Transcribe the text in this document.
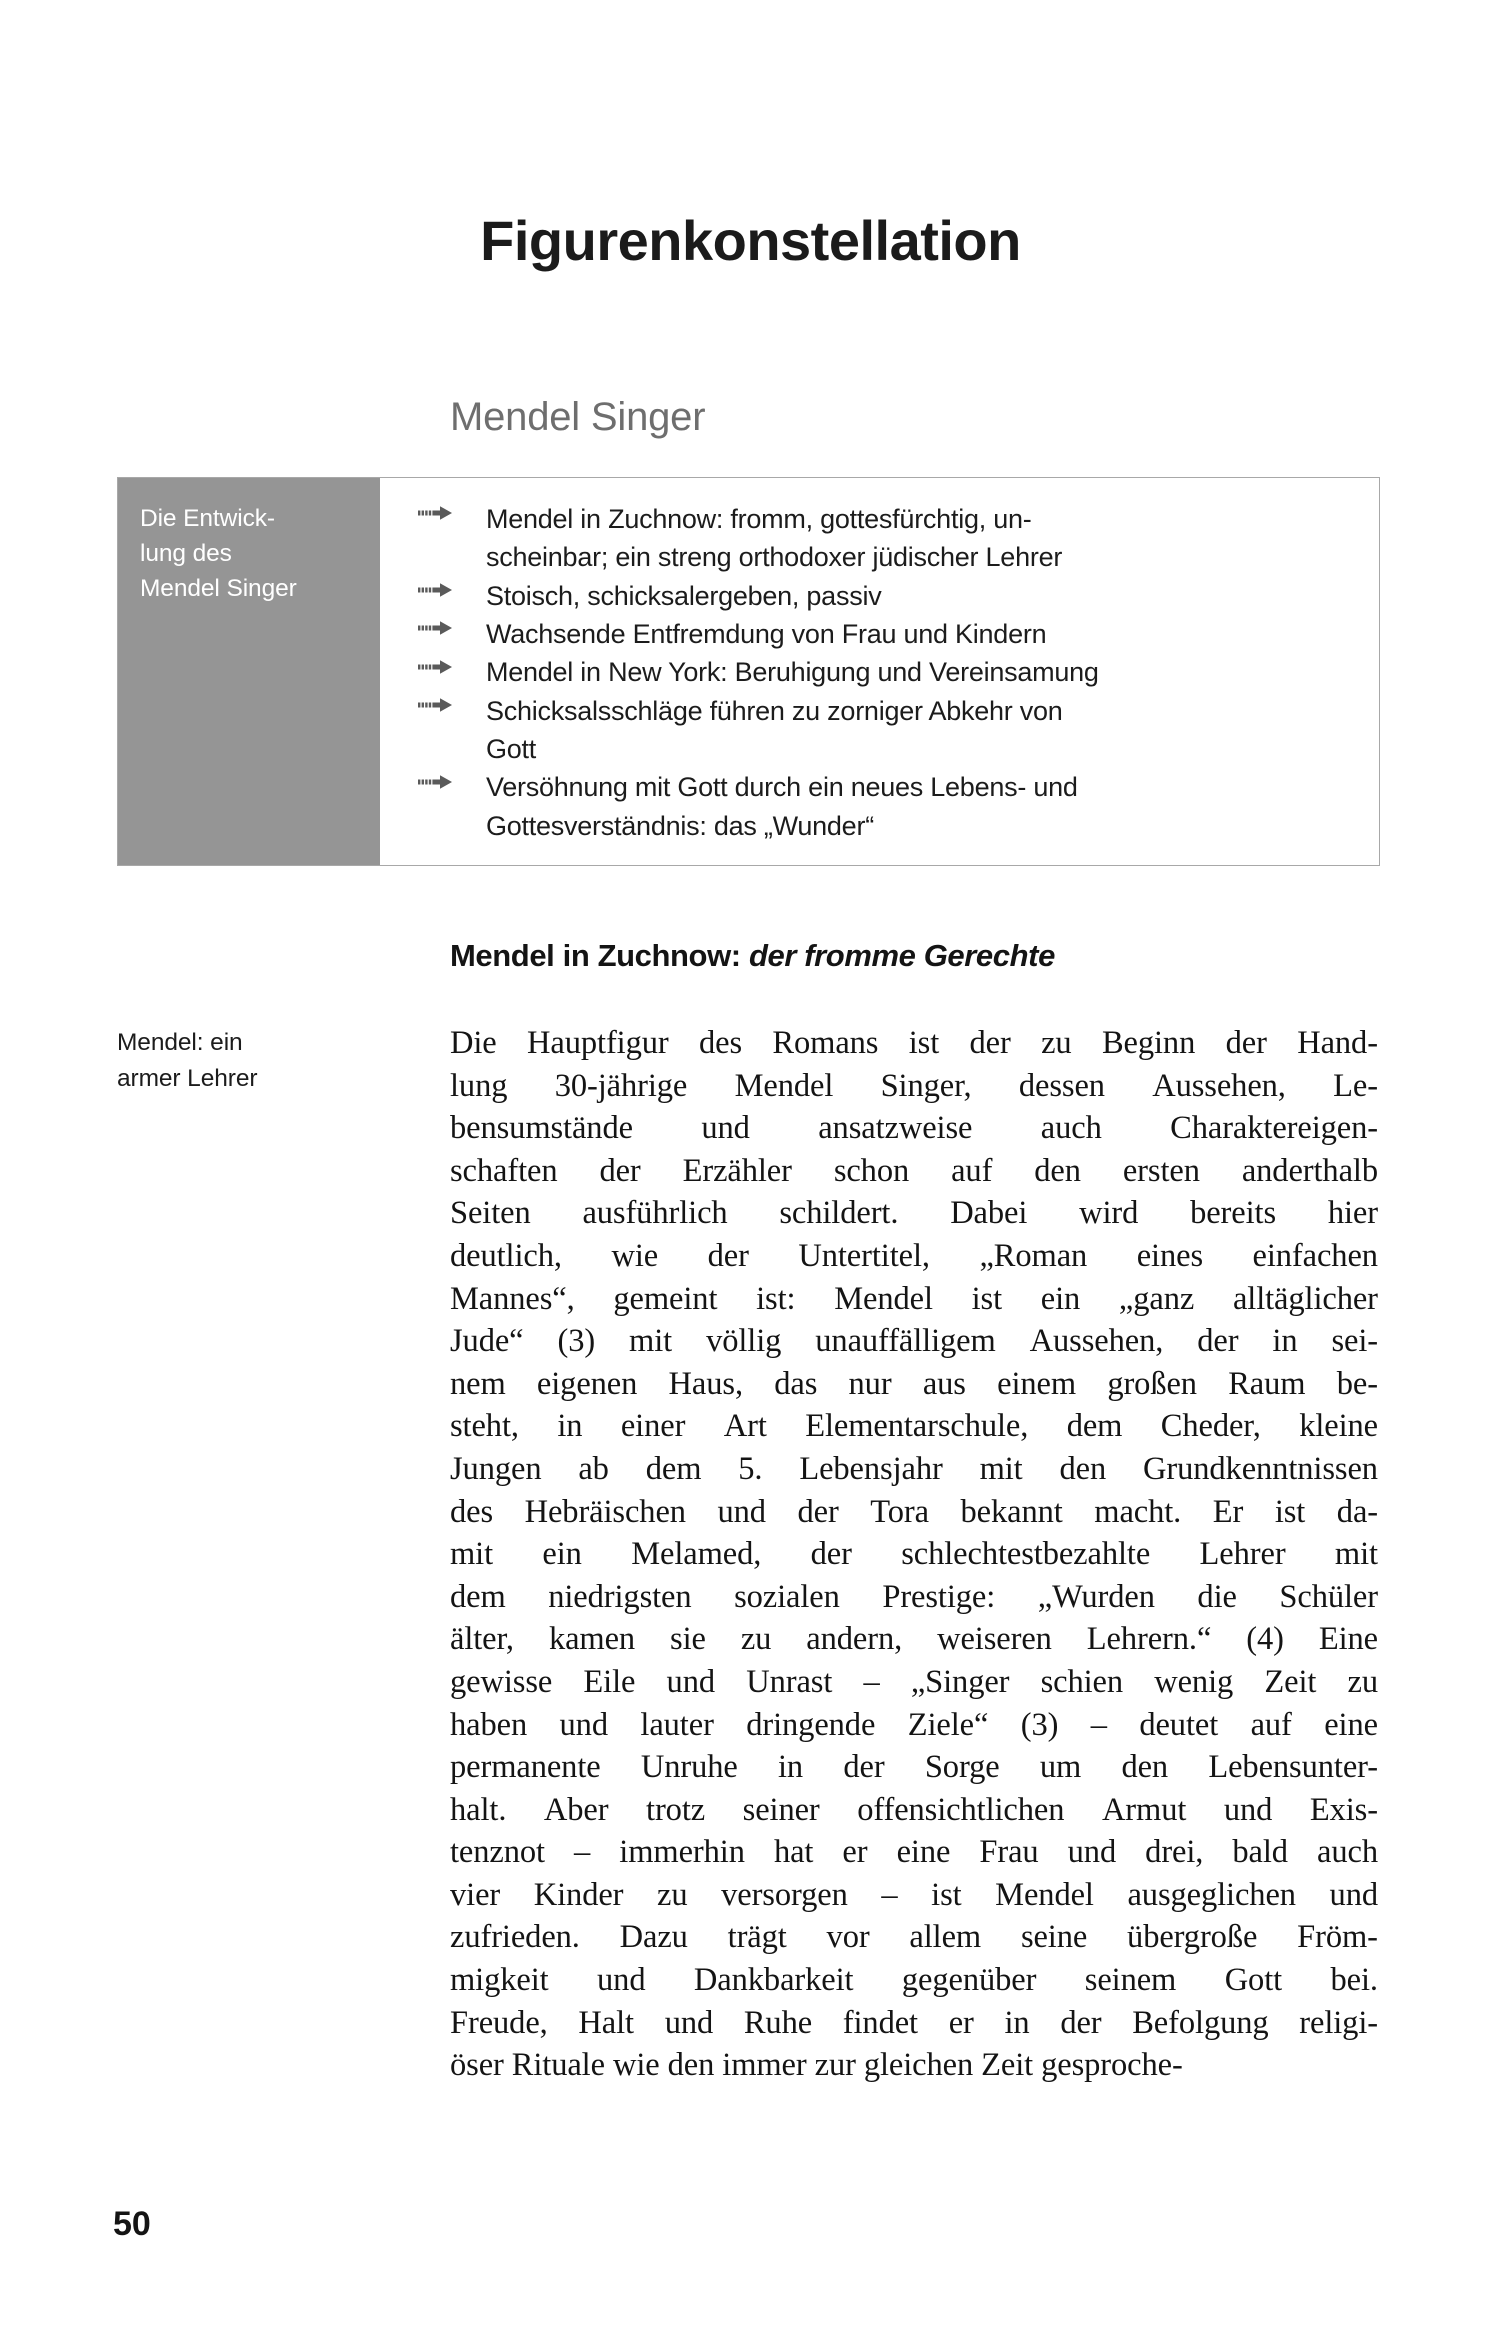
Figurenkonstellation
Mendel Singer
Die Entwick-
lung des
Mendel Singer
Mendel in Zuchnow: fromm, gottesfürchtig, un-
scheinbar; ein streng orthodoxer jüdischer Lehrer
Stoisch, schicksalergeben, passiv
Wachsende Entfremdung von Frau und Kindern
Mendel in New York: Beruhigung und Vereinsamung
Schicksalsschläge führen zu zorniger Abkehr von
Gott
Versöhnung mit Gott durch ein neues Lebens- und
Gottesverständnis: das „Wunder“
Mendel in Zuchnow: der fromme Gerechte
Mendel: ein
armer Lehrer
Die Hauptfigur des Romans ist der zu Beginn der Hand-
lung 30-jährige Mendel Singer, dessen Aussehen, Le-
bensumstände und ansatzweise auch Charaktereigen-
schaften der Erzähler schon auf den ersten anderthalb
Seiten ausführlich schildert. Dabei wird bereits hier
deutlich, wie der Untertitel, „Roman eines einfachen
Mannes“, gemeint ist: Mendel ist ein „ganz alltäglicher
Jude“ (3) mit völlig unauffälligem Aussehen, der in sei-
nem eigenen Haus, das nur aus einem großen Raum be-
steht, in einer Art Elementarschule, dem Cheder, kleine
Jungen ab dem 5. Lebensjahr mit den Grundkenntnissen
des Hebräischen und der Tora bekannt macht. Er ist da-
mit ein Melamed, der schlechtestbezahlte Lehrer mit
dem niedrigsten sozialen Prestige: „Wurden die Schüler
älter, kamen sie zu andern, weiseren Lehrern.“ (4) Eine
gewisse Eile und Unrast – „Singer schien wenig Zeit zu
haben und lauter dringende Ziele“ (3) – deutet auf eine
permanente Unruhe in der Sorge um den Lebensunter-
halt. Aber trotz seiner offensichtlichen Armut und Exis-
tenznot – immerhin hat er eine Frau und drei, bald auch
vier Kinder zu versorgen – ist Mendel ausgeglichen und
zufrieden. Dazu trägt vor allem seine übergroße Fröm-
migkeit und Dankbarkeit gegenüber seinem Gott bei.
Freude, Halt und Ruhe findet er in der Befolgung religi-
öser Rituale wie den immer zur gleichen Zeit gesproche-
50
